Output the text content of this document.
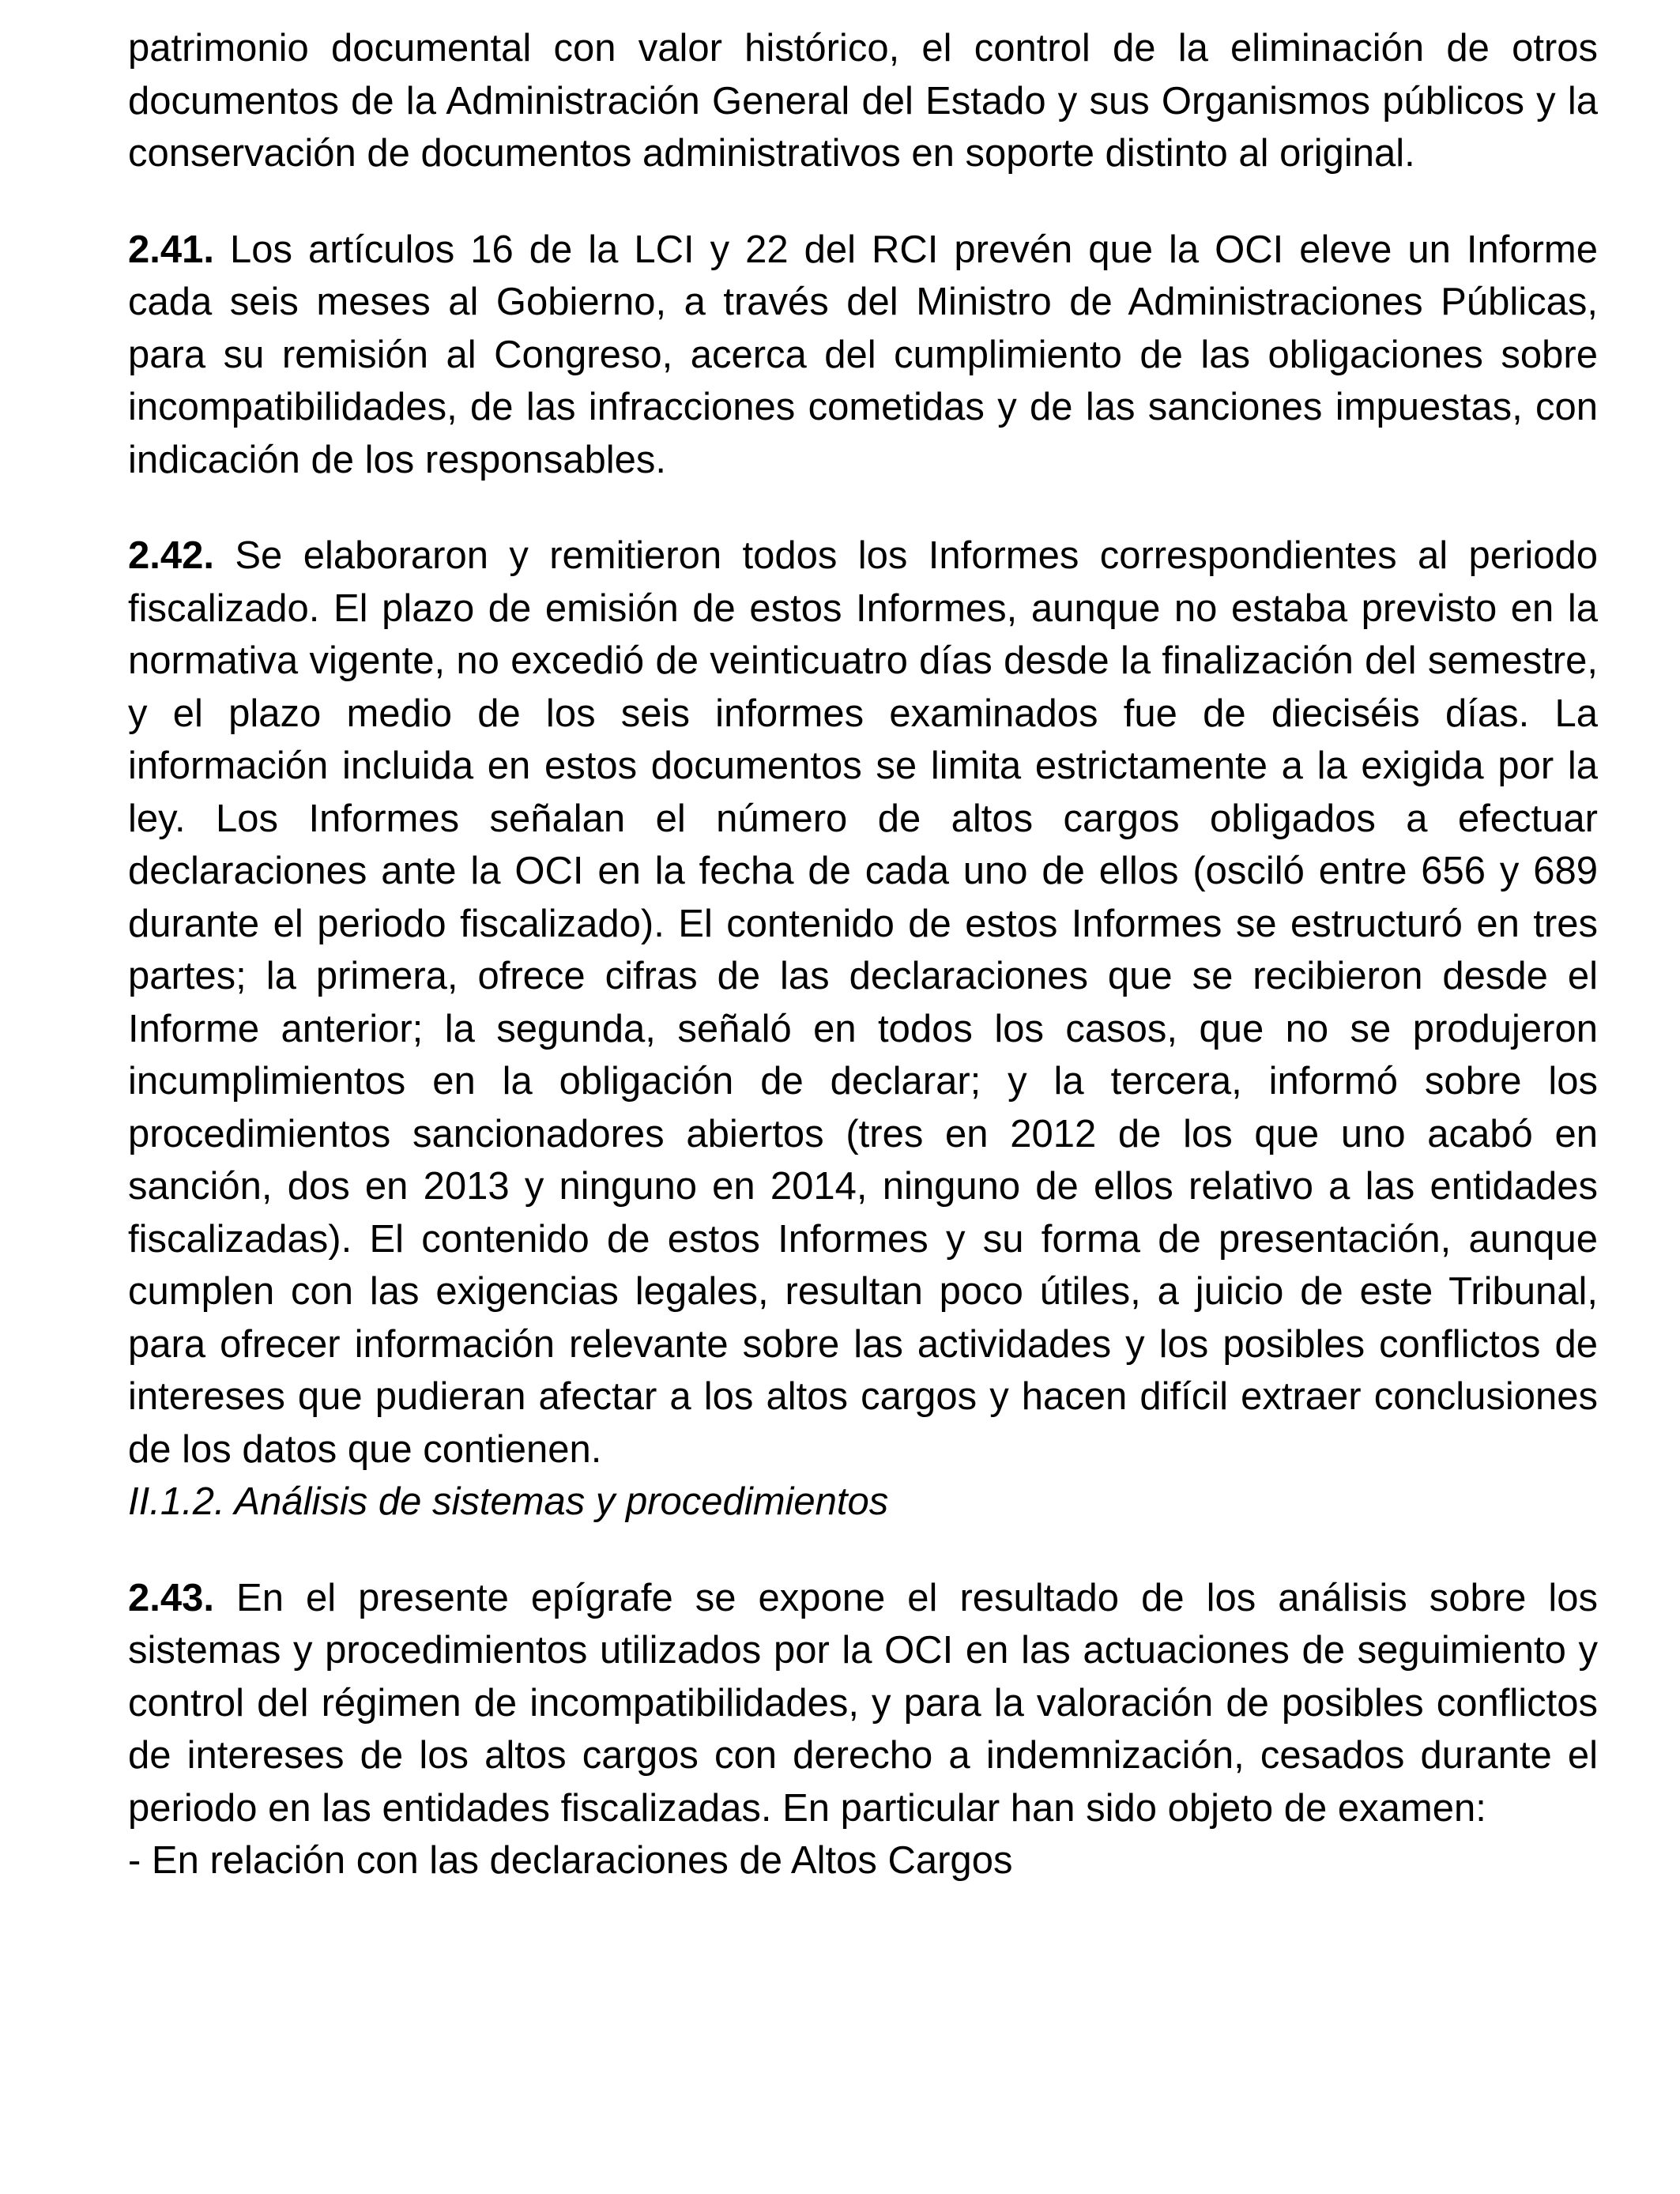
patrimonio documental con valor histórico, el control de la eliminación de otros documentos de la Administración General del Estado y sus Organismos públicos y la conservación de documentos administrativos en soporte distinto al original.

2.41. Los artículos 16 de la LCI y 22 del RCI prevén que la OCI eleve un Informe cada seis meses al Gobierno, a través del Ministro de Administraciones Públicas, para su remisión al Congreso, acerca del cumplimiento de las obligaciones sobre incompatibilidades, de las infracciones cometidas y de las sanciones impuestas, con indicación de los responsables.

2.42. Se elaboraron y remitieron todos los Informes correspondientes al periodo fiscalizado. El plazo de emisión de estos Informes, aunque no estaba previsto en la normativa vigente, no excedió de veinticuatro días desde la finalización del semestre, y el plazo medio de los seis informes examinados fue de dieciséis días. La información incluida en estos documentos se limita estrictamente a la exigida por la ley. Los Informes señalan el número de altos cargos obligados a efectuar declaraciones ante la OCI en la fecha de cada uno de ellos (osciló entre 656 y 689 durante el periodo fiscalizado). El contenido de estos Informes se estructuró en tres partes; la primera, ofrece cifras de las declaraciones que se recibieron desde el Informe anterior; la segunda, señaló en todos los casos, que no se produjeron incumplimientos en la obligación de declarar; y la tercera, informó sobre los procedimientos sancionadores abiertos (tres en 2012 de los que uno acabó en sanción, dos en 2013 y ninguno en 2014, ninguno de ellos relativo a las entidades fiscalizadas). El contenido de estos Informes y su forma de presentación, aunque cumplen con las exigencias legales, resultan poco útiles, a juicio de este Tribunal, para ofrecer información relevante sobre las actividades y los posibles conflictos de intereses que pudieran afectar a los altos cargos y hacen difícil extraer conclusiones de los datos que contienen.

II.1.2. Análisis de sistemas y procedimientos

2.43. En el presente epígrafe se expone el resultado de los análisis sobre los sistemas y procedimientos utilizados por la OCI en las actuaciones de seguimiento y control del régimen de incompatibilidades, y para la valoración de posibles conflictos de intereses de los altos cargos con derecho a indemnización, cesados durante el periodo en las entidades fiscalizadas. En particular han sido objeto de examen:

- En relación con las declaraciones de Altos Cargos
